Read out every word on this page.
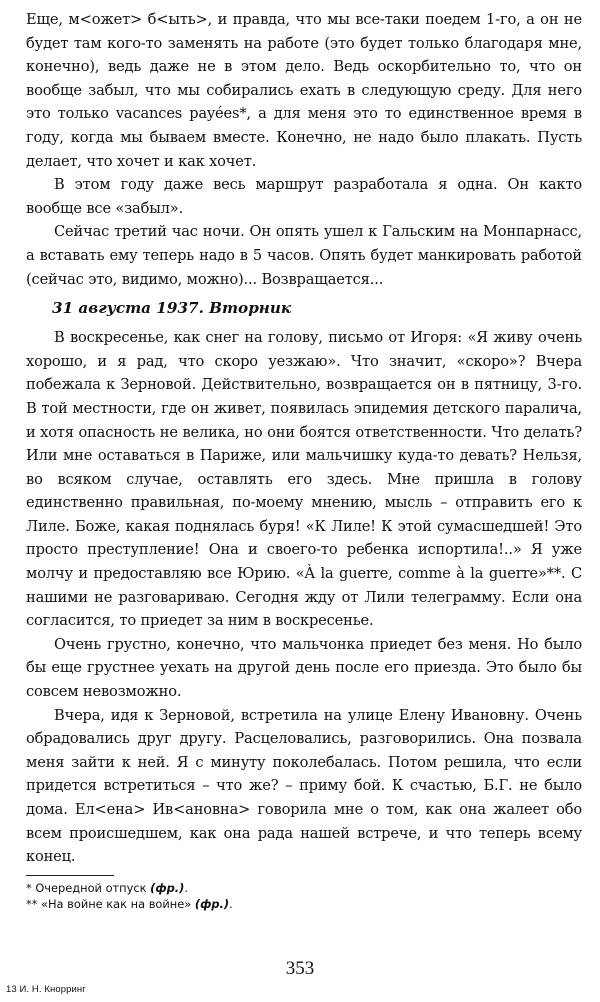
Еще, м<ожет> б<ыть>, и правда, что мы все-таки поедем 1-го, а он не будет там кого-то заменять на работе (это будет только благодаря мне, конечно), ведь даже не в этом дело. Ведь оскорбительно то, что он вообще забыл, что мы собирались ехать в следующую среду. Для него это только vacances payées*, а для меня это то единственное время в году, когда мы бываем вместе. Конечно, не надо было плакать. Пусть делает, что хочет и как хочет.

В этом году даже весь маршрут разработала я одна. Он както вообще все «забыл».

Сейчас третий час ночи. Он опять ушел к Гальским на Монпарнасс, а вставать ему теперь надо в 5 часов. Опять будет манкировать работой (сейчас это, видимо, можно)... Возвращается...

31 августа 1937. Вторник

В воскресенье, как снег на голову, письмо от Игоря: «Я живу очень хорошо, и я рад, что скоро уезжаю». Что значит, «скоро»? Вчера побежала к Зерновой. Действительно, возвращается он в пятницу, 3-го. В той местности, где он живет, появилась эпидемия детского паралича, и хотя опасность не велика, но они боятся ответственности. Что делать? Или мне оставаться в Париже, или мальчишку куда-то девать? Нельзя, во всяком случае, оставлять его здесь. Мне пришла в голову единственно правильная, по-моему мнению, мысль – отправить его к Лиле. Боже, какая поднялась буря! «К Лиле! К этой сумасшедшей! Это просто преступление! Она и своего-то ребенка испортила!..» Я уже молчу и предоставляю все Юрию. «À la guerre, comme à la guerre»**. С нашими не разговариваю. Сегодня жду от Лили телеграмму. Если она согласится, то приедет за ним в воскресенье.

Очень грустно, конечно, что мальчонка приедет без меня. Но было бы еще грустнее уехать на другой день после его приезда. Это было бы совсем невозможно.

Вчера, идя к Зерновой, встретила на улице Елену Ивановну. Очень обрадовались друг другу. Расцеловались, разговорились. Она позвала меня зайти к ней. Я с минуту поколебалась. Потом решила, что если придется встретиться – что же? – приму бой. К счастью, Б.Г. не было дома. Ел<ена> Ив<ановна> говорила мне о том, как она жалеет обо всем происшедшем, как она рада нашей встрече, и что теперь всему конец.

* Очередной отпуск (фр.).

** «На войне как на войне» (фр.).

353
13 И. Н. Кнорринг
